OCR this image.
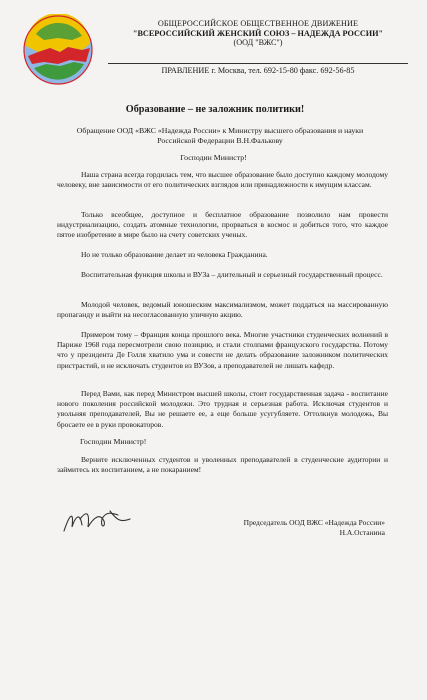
ОБЩЕРОССИЙСКОЕ ОБЩЕСТВЕННОЕ ДВИЖЕНИЕ
"ВСЕРОССИЙСКИЙ ЖЕНСКИЙ СОЮЗ – НАДЕЖДА РОССИИ"
(ООД "ВЖС")
ПРАВЛЕНИЕ г. Москва, тел. 692-15-80 факс. 692-56-85
Образование – не заложник политики!
Обращение ООД «ВЖС «Надежда России» к Министру высшего образования и науки
Российской Федерации В.Н.Фалькову
Господин Министр!

Наша страна всегда гордилась тем, что высшее образование было доступно каждому молодому человеку, вне зависимости от его политических взглядов или принадлежности к имущим классам.

Только всеобщее, доступное и бесплатное образование позволило нам провести индустриализацию, создать атомные технологии, прорваться в космос и добиться того, что каждое пятое изобретение в мире было на счету советских ученых.

Но не только образование делает из человека Гражданина.

Воспитательная функция школы и ВУЗа – длительный и серьезный государственный процесс.

Молодой человек, ведомый юношеским максимализмом, может поддаться на массированную пропаганду и выйти на несогласованную уличную акцию.

Примером тому – Франция конца прошлого века. Многие участники студенческих волнений в Париже 1968 года пересмотрели свою позицию, и стали столпами французского государства. Потому что у президента Де Голля хватило ума и совести не делать образование заложником политических пристрастий, и не исключать студентов из ВУЗов, а преподавателей не лишать кафедр.

Перед Вами, как перед Министром высшей школы, стоит государственная задача - воспитание нового поколения российской молодежи. Это трудная и серьезная работа. Исключая студентов и увольняя преподавателей, Вы не решаете ее, а еще больше усугубляете. Оттолкнув молодежь, Вы бросаете ее в руки провокаторов.

Господин Министр!

Верните исключенных студентов и уволенных преподавателей в студенческие аудитории и займитесь их воспитанием, а не покаранием!

Председатель ООД ВЖС «Надежда России»
Н.А.Останина
